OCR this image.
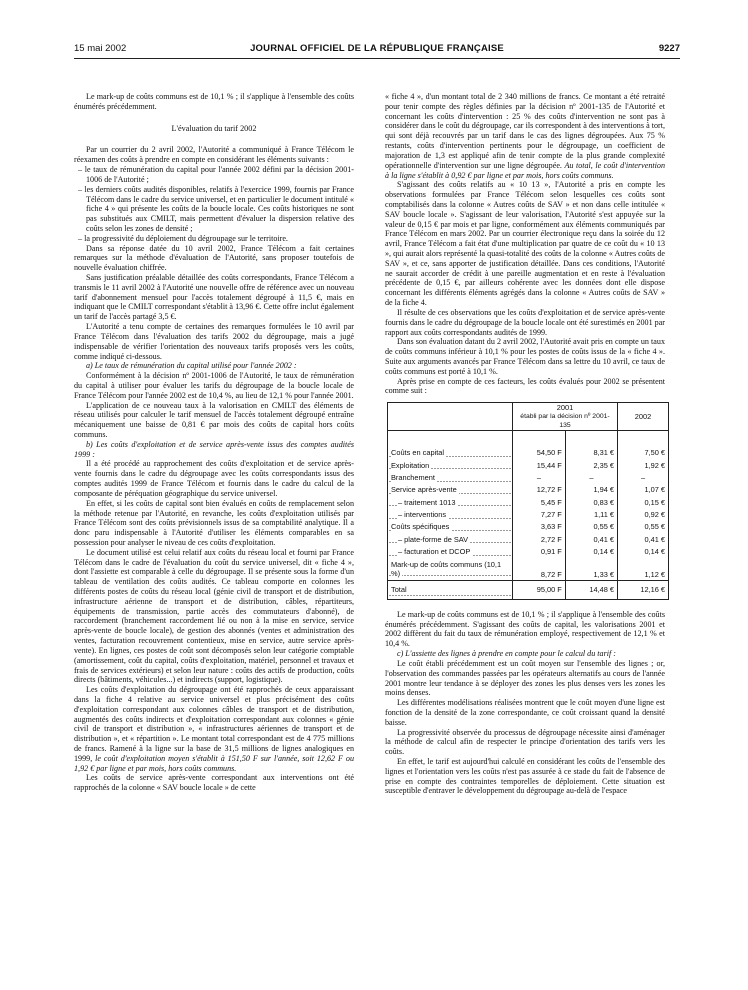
15 mai 2002	JOURNAL OFFICIEL DE LA RÉPUBLIQUE FRANÇAISE	9227

Le mark-up de coûts communs est de 10,1 % ; il s'applique à l'ensemble des coûts énumérés précédemment.

L'évaluation du tarif 2002

Par un courrier du 2 avril 2002, l'Autorité a communiqué à France Télécom le réexamen des coûts à prendre en compte en considérant les éléments suivants :

– le taux de rémunération du capital pour l'année 2002 défini par la décision 2001-1006 de l'Autorité ;
– les derniers coûts audités disponibles, relatifs à l'exercice 1999, fournis par France Télécom dans le cadre du service universel, et en particulier le document intitulé « fiche 4 » qui présente les coûts de la boucle locale. Ces coûts historiques ne sont pas substitués aux CMILT, mais permettent d'évaluer la dispersion relative des coûts selon les zones de densité ;
– la progressivité du déploiement du dégroupage sur le territoire.

Dans sa réponse datée du 10 avril 2002, France Télécom a fait certaines remarques sur la méthode d'évaluation de l'Autorité, sans proposer toutefois de nouvelle évaluation chiffrée.

Sans justification préalable détaillée des coûts correspondants, France Télécom a transmis le 11 avril 2002 à l'Autorité une nouvelle offre de référence avec un nouveau tarif d'abonnement mensuel pour l'accès totalement dégroupé à 11,5 €, mais en indiquant que le CMILT correspondant s'établit à 13,96 €. Cette offre inclut également un tarif de l'accès partagé 3,5 €.

L'Autorité a tenu compte de certaines des remarques formulées le 10 avril par France Télécom dans l'évaluation des tarifs 2002 du dégroupage, mais a jugé indispensable de vérifier l'orientation des nouveaux tarifs proposés vers les coûts, comme indiqué ci-dessous.

a) Le taux de rémunération du capital utilisé pour l'année 2002 :

Conformément à la décision nº 2001-1006 de l'Autorité, le taux de rémunération du capital à utiliser pour évaluer les tarifs du dégroupage de la boucle locale de France Télécom pour l'année 2002 est de 10,4 %, au lieu de 12,1 % pour l'année 2001.

L'application de ce nouveau taux à la valorisation en CMILT des éléments de réseau utilisés pour calculer le tarif mensuel de l'accès totalement dégroupé entraîne mécaniquement une baisse de 0,81 € par mois des coûts de capital hors coûts communs.

b) Les coûts d'exploitation et de service après-vente issus des comptes audités 1999 :

Il a été procédé au rapprochement des coûts d'exploitation et de service après-vente fournis dans le cadre du dégroupage avec les coûts correspondants issus des comptes audités 1999 de France Télécom et fournis dans le cadre du calcul de la composante de péréquation géographique du service universel.

En effet, si les coûts de capital sont bien évalués en coûts de remplacement selon la méthode retenue par l'Autorité, en revanche, les coûts d'exploitation utilisés par France Télécom sont des coûts prévisionnels issus de sa comptabilité analytique. Il a donc paru indispensable à l'Autorité d'utiliser les éléments comparables en sa possession pour analyser le niveau de ces coûts d'exploitation.

Le document utilisé est celui relatif aux coûts du réseau local et fourni par France Télécom dans le cadre de l'évaluation du coût du service universel, dit « fiche 4 », dont l'assiette est comparable à celle du dégroupage. Il se présente sous la forme d'un tableau de ventilation des coûts audités. Ce tableau comporte en colonnes les différents postes de coûts du réseau local (génie civil de transport et de distribution, infrastructure aérienne de transport et de distribution, câbles, répartiteurs, équipements de transmission, partie accès des commutateurs d'abonné), de raccordement (branchement raccordement lié ou non à la mise en service, service après-vente de boucle locale), de gestion des abonnés (ventes et administration des ventes, facturation recouvrement contentieux, mise en service, autre service après-vente). En lignes, ces postes de coût sont décomposés selon leur catégorie comptable (amortissement, coût du capital, coûts d'exploitation, matériel, personnel et travaux et frais de services extérieurs) et selon leur nature : coûts des actifs de production, coûts directs (bâtiments, véhicules...) et indirects (support, logistique).

Les coûts d'exploitation du dégroupage ont été rapprochés de ceux apparaissant dans la fiche 4 relative au service universel et plus précisément des coûts d'exploitation correspondant aux colonnes câbles de transport et de distribution, augmentés des coûts indirects et d'exploitation correspondant aux colonnes « génie civil de transport et distribution », « infrastructures aériennes de transport et de distribution », et « répartition ». Le montant total correspondant est de 4 775 millions de francs. Ramené à la ligne sur la base de 31,5 millions de lignes analogiques en 1999, le coût d'exploitation moyen s'établit à 151,50 F sur l'année, soit 12,62 F ou 1,92 € par ligne et par mois, hors coûts communs.

Les coûts de service après-vente correspondant aux interventions ont été rapprochés de la colonne « SAV boucle locale » de cette

« fiche 4 », d'un montant total de 2 340 millions de francs. Ce montant a été retraité pour tenir compte des règles définies par la décision nº 2001-135 de l'Autorité et concernant les coûts d'intervention : 25 % des coûts d'intervention ne sont pas à considérer dans le coût du dégroupage, car ils correspondent à des interventions à tort, qui sont déjà recouvrés par un tarif dans le cas des lignes dégroupées. Aux 75 % restants, coûts d'intervention pertinents pour le dégroupage, un coefficient de majoration de 1,3 est appliqué afin de tenir compte de la plus grande complexité opérationnelle d'intervention sur une ligne dégroupée. Au total, le coût d'intervention à la ligne s'établit à 0,92 € par ligne et par mois, hors coûts communs.

S'agissant des coûts relatifs au « 10 13 », l'Autorité a pris en compte les observations formulées par France Télécom selon lesquelles ces coûts sont comptabilisés dans la colonne « Autres coûts de SAV » et non dans celle intitulée « SAV boucle locale ». S'agissant de leur valorisation, l'Autorité s'est appuyée sur la valeur de 0,15 € par mois et par ligne, conformément aux éléments communiqués par France Télécom en mars 2002. Par un courrier électronique reçu dans la soirée du 12 avril, France Télécom a fait état d'une multiplication par quatre de ce coût du « 10 13 », qui aurait alors représenté la quasi-totalité des coûts de la colonne « Autres coûts de SAV », et ce, sans apporter de justification détaillée. Dans ces conditions, l'Autorité ne saurait accorder de crédit à une pareille augmentation et en reste à l'évaluation précédente de 0,15 €, par ailleurs cohérente avec les données dont elle dispose concernant les différents éléments agrégés dans la colonne « Autres coûts de SAV » de la fiche 4.

Il résulte de ces observations que les coûts d'exploitation et de service après-vente fournis dans le cadre du dégroupage de la boucle locale ont été surestimés en 2001 par rapport aux coûts correspondants audités de 1999.

Dans son évaluation datant du 2 avril 2002, l'Autorité avait pris en compte un taux de coûts communs inférieur à 10,1 % pour les postes de coûts issus de la « fiche 4 ». Suite aux arguments avancés par France Télécom dans sa lettre du 10 avril, ce taux de coûts communs est porté à 10,1 %.

Après prise en compte de ces facteurs, les coûts évalués pour 2002 se présentent comme suit :

	2001
établi par la décision nº 2001-135		2002

Coûts en capital	54,50 F	8,31 €	7,50 €
Exploitation	15,44 F	2,35 €	1,92 €
Branchement	–	–	–
Service après-vente	12,72 F	1,94 €	1,07 €
– traitement 1013	5,45 F	0,83 €	0,15 €
– interventions	7,27 F	1,11 €	0,92 €
Coûts spécifiques	3,63 F	0,55 €	0,55 €
– plate-forme de SAV	2,72 F	0,41 €	0,41 €
– facturation et DCOP	0,91 F	0,14 €	0,14 €
Mark-up de coûts communs (10,1 %)	8,72 F	1,33 €	1,12 €
Total	95,00 F	14,48 €	12,16 €

Le mark-up de coûts communs est de 10,1 % ; il s'applique à l'ensemble des coûts énumérés précédemment. S'agissant des coûts de capital, les valorisations 2001 et 2002 diffèrent du fait du taux de rémunération employé, respectivement de 12,1 % et 10,4 %.

c) L'assiette des lignes à prendre en compte pour le calcul du tarif :

Le coût établi précédemment est un coût moyen sur l'ensemble des lignes ; or, l'observation des commandes passées par les opérateurs alternatifs au cours de l'année 2001 montre leur tendance à se déployer des zones les plus denses vers les zones les moins denses.

Les différentes modélisations réalisées montrent que le coût moyen d'une ligne est fonction de la densité de la zone correspondante, ce coût croissant quand la densité baisse.

La progressivité observée du processus de dégroupage nécessite ainsi d'aménager la méthode de calcul afin de respecter le principe d'orientation des tarifs vers les coûts.

En effet, le tarif est aujourd'hui calculé en considérant les coûts de l'ensemble des lignes et l'orientation vers les coûts n'est pas assurée à ce stade du fait de l'absence de prise en compte des contraintes temporelles de déploiement. Cette situation est susceptible d'entraver le développement du dégroupage au-delà de l'espace
